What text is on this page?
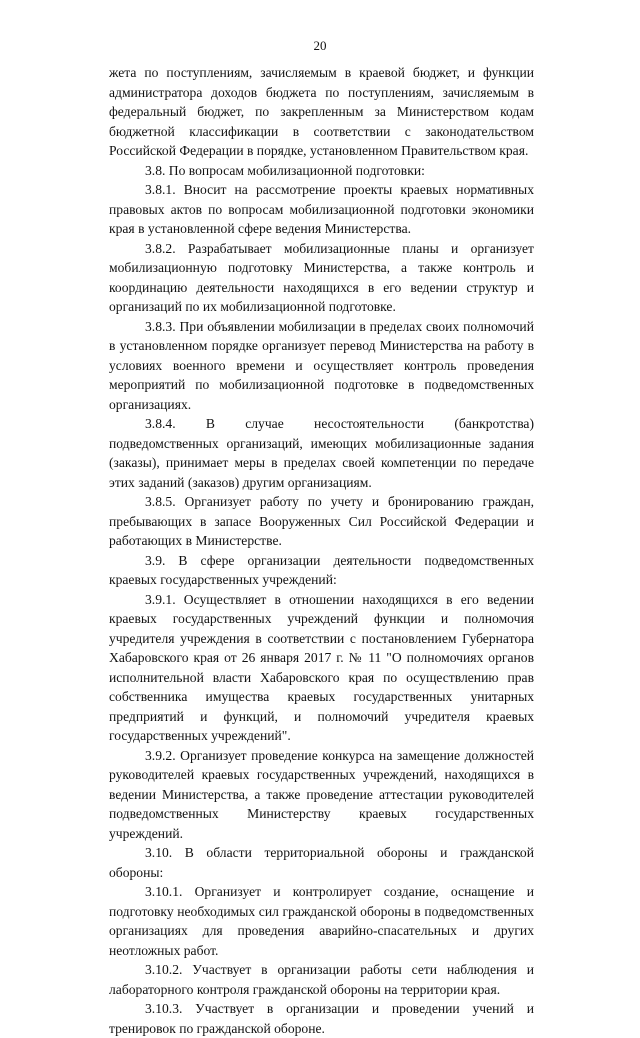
20

жета по поступлениям, зачисляемым в краевой бюджет, и функции администратора доходов бюджета по поступлениям, зачисляемым в федеральный бюджет, по закрепленным за Министерством кодам бюджетной классификации в соответствии с законодательством Российской Федерации в порядке, установленном Правительством края.

3.8. По вопросам мобилизационной подготовки:

3.8.1. Вносит на рассмотрение проекты краевых нормативных правовых актов по вопросам мобилизационной подготовки экономики края в установленной сфере ведения Министерства.

3.8.2. Разрабатывает мобилизационные планы и организует мобилизационную подготовку Министерства, а также контроль и координацию деятельности находящихся в его ведении структур и организаций по их мобилизационной подготовке.

3.8.3. При объявлении мобилизации в пределах своих полномочий в установленном порядке организует перевод Министерства на работу в условиях военного времени и осуществляет контроль проведения мероприятий по мобилизационной подготовке в подведомственных организациях.

3.8.4. В случае несостоятельности (банкротства) подведомственных организаций, имеющих мобилизационные задания (заказы), принимает меры в пределах своей компетенции по передаче этих заданий (заказов) другим организациям.

3.8.5. Организует работу по учету и бронированию граждан, пребывающих в запасе Вооруженных Сил Российской Федерации и работающих в Министерстве.

3.9. В сфере организации деятельности подведомственных краевых государственных учреждений:

3.9.1. Осуществляет в отношении находящихся в его ведении краевых государственных учреждений функции и полномочия учредителя учреждения в соответствии с постановлением Губернатора Хабаровского края от 26 января 2017 г. № 11 "О полномочиях органов исполнительной власти Хабаровского края по осуществлению прав собственника имущества краевых государственных унитарных предприятий и функций, и полномочий учредителя краевых государственных учреждений".

3.9.2. Организует проведение конкурса на замещение должностей руководителей краевых государственных учреждений, находящихся в ведении Министерства, а также проведение аттестации руководителей подведомственных Министерству краевых государственных учреждений.

3.10. В области территориальной обороны и гражданской обороны:

3.10.1. Организует и контролирует создание, оснащение и подготовку необходимых сил гражданской обороны в подведомственных организациях для проведения аварийно-спасательных и других неотложных работ.

3.10.2. Участвует в организации работы сети наблюдения и лабораторного контроля гражданской обороны на территории края.

3.10.3. Участвует в организации и проведении учений и тренировок по гражданской обороне.
